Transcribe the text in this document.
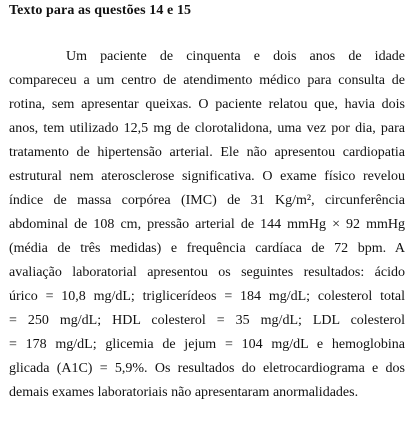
Texto para as questões 14 e 15
Um paciente de cinquenta e dois anos de idade
compareceu a um centro de atendimento médico para consulta de
rotina, sem apresentar queixas. O paciente relatou que, havia dois
anos, tem utilizado 12,5 mg de clorotalidona, uma vez por dia, para
tratamento de hipertensão arterial. Ele não apresentou cardiopatia
estrutural nem aterosclerose significativa. O exame físico revelou
índice de massa corpórea (IMC) de 31 Kg/m², circunferência
abdominal de 108 cm, pressão arterial de 144 mmHg × 92 mmHg
(média de três medidas) e frequência cardíaca de 72 bpm. A
avaliação laboratorial apresentou os seguintes resultados: ácido
úrico = 10,8 mg/dL; triglicerídeos = 184 mg/dL; colesterol total
= 250 mg/dL; HDL colesterol = 35 mg/dL; LDL colesterol
= 178 mg/dL; glicemia de jejum = 104 mg/dL e hemoglobina
glicada (A1C) = 5,9%. Os resultados do eletrocardiograma e dos
demais exames laboratoriais não apresentaram anormalidades.
